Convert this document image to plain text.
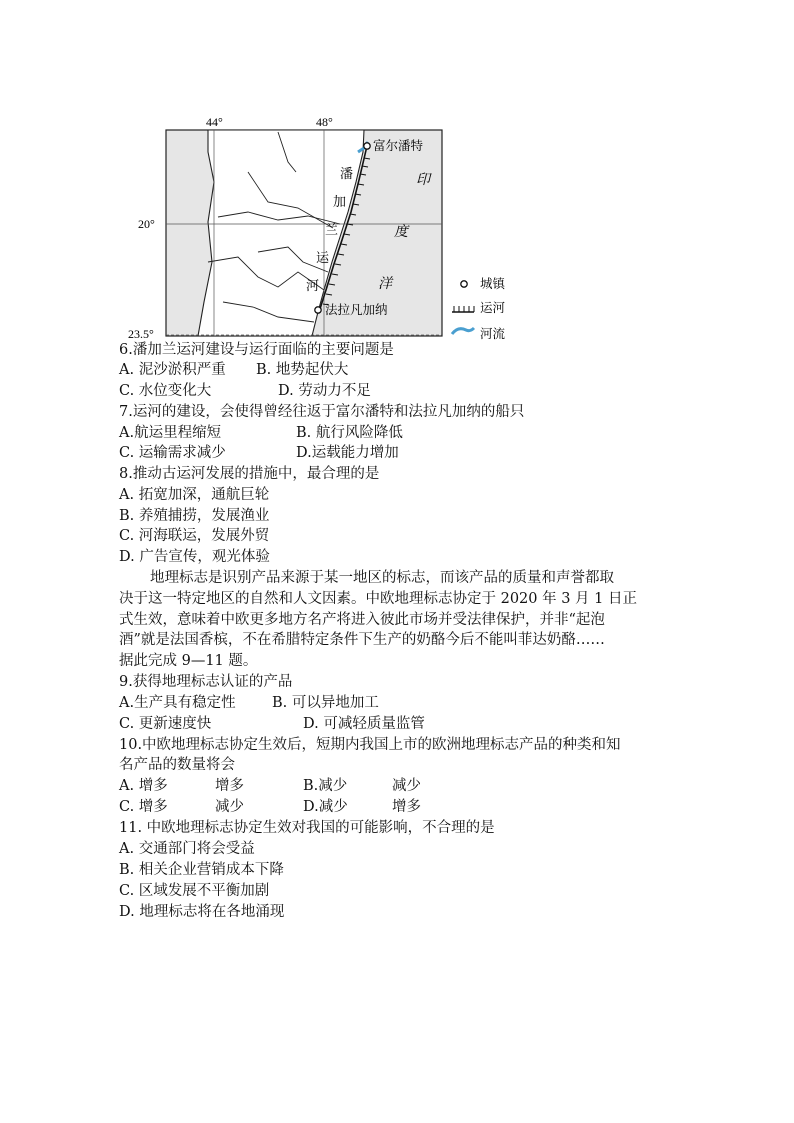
44°	48°
20°
23.5°
富尔潘特
法拉凡加纳
潘
加
兰
运
河
印
度
洋	城镇
运河
河流
6.潘加兰运河建设与运行面临的主要问题是
A. 泥沙淤积严重 B. 地势起伏大
C. 水位变化大	D. 劳动力不足
7.运河的建设，会使得曾经往返于富尔潘特和法拉凡加纳的船只
A.航运里程缩短	B. 航行风险降低
C. 运输需求减少	D.运载能力增加
8.推动古运河发展的措施中，最合理的是
A. 拓宽加深，通航巨轮
B. 养殖捕捞，发展渔业
C. 河海联运，发展外贸
D. 广告宣传，观光体验
地理标志是识别产品来源于某一地区的标志，而该产品的质量和声誉都取
决于这一特定地区的自然和人文因素。中欧地理标志协定于 2020 年 3 月 1 日正
式生效，意味着中欧更多地方名产将进入彼此市场并受法律保护，并非“起泡
酒”就是法国香槟，不在希腊特定条件下生产的奶酪今后不能叫菲达奶酪……
据此完成 9—11 题。
9.获得地理标志认证的产品
A.生产具有稳定性	B. 可以异地加工
C. 更新速度快	D. 可减轻质量监管
10.中欧地理标志协定生效后，短期内我国上市的欧洲地理标志产品的种类和知
名产品的数量将会
A. 增多	增多	B.减少	减少
C. 增多	减少	D.减少	增多
11. 中欧地理标志协定生效对我国的可能影响，不合理的是
A. 交通部门将会受益
B. 相关企业营销成本下降
C. 区域发展不平衡加剧
D. 地理标志将在各地涌现
